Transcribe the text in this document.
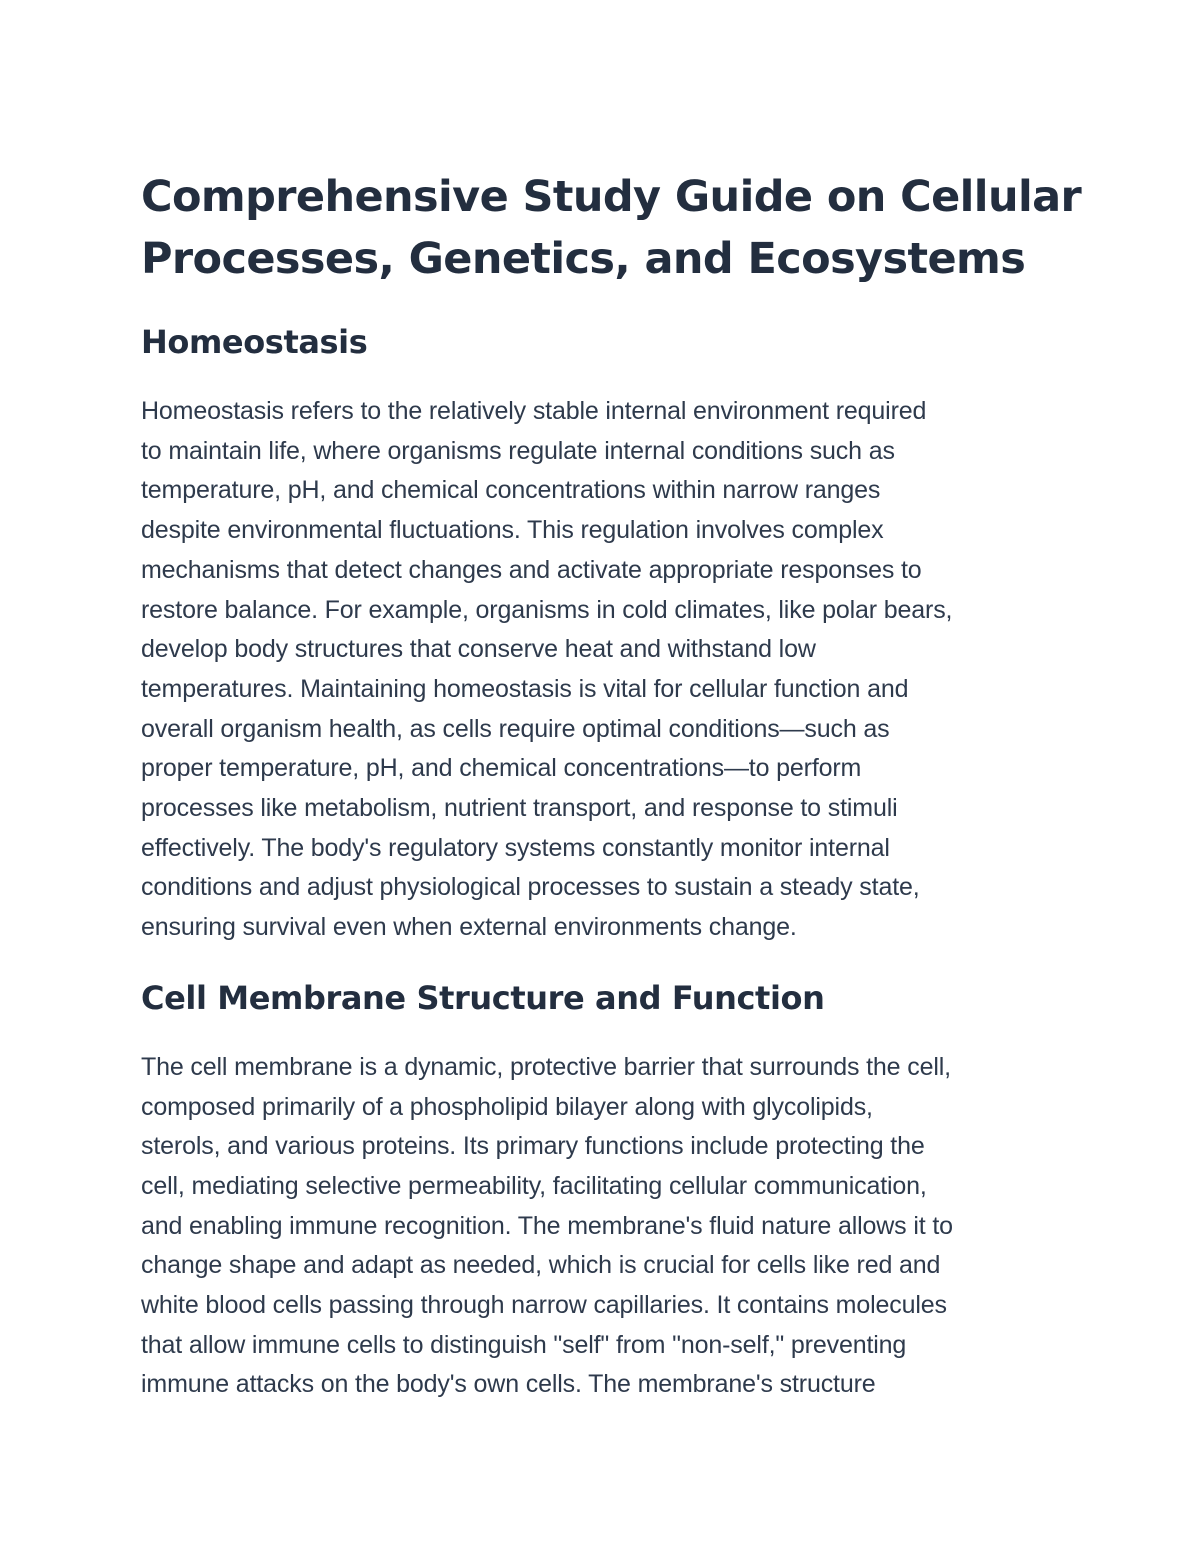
Comprehensive Study Guide on Cellular
Processes, Genetics, and Ecosystems
Homeostasis

Homeostasis refers to the relatively stable internal environment required
to maintain life, where organisms regulate internal conditions such as
temperature, pH, and chemical concentrations within narrow ranges
despite environmental fluctuations. This regulation involves complex
mechanisms that detect changes and activate appropriate responses to
restore balance. For example, organisms in cold climates, like polar bears,
develop body structures that conserve heat and withstand low
temperatures. Maintaining homeostasis is vital for cellular function and
overall organism health, as cells require optimal conditions—such as
proper temperature, pH, and chemical concentrations—to perform
processes like metabolism, nutrient transport, and response to stimuli
effectively. The body's regulatory systems constantly monitor internal
conditions and adjust physiological processes to sustain a steady state,
ensuring survival even when external environments change.

Cell Membrane Structure and Function

The cell membrane is a dynamic, protective barrier that surrounds the cell,
composed primarily of a phospholipid bilayer along with glycolipids,
sterols, and various proteins. Its primary functions include protecting the
cell, mediating selective permeability, facilitating cellular communication,
and enabling immune recognition. The membrane's fluid nature allows it to
change shape and adapt as needed, which is crucial for cells like red and
white blood cells passing through narrow capillaries. It contains molecules
that allow immune cells to distinguish "self" from "non-self," preventing
immune attacks on the body's own cells. The membrane's structure
